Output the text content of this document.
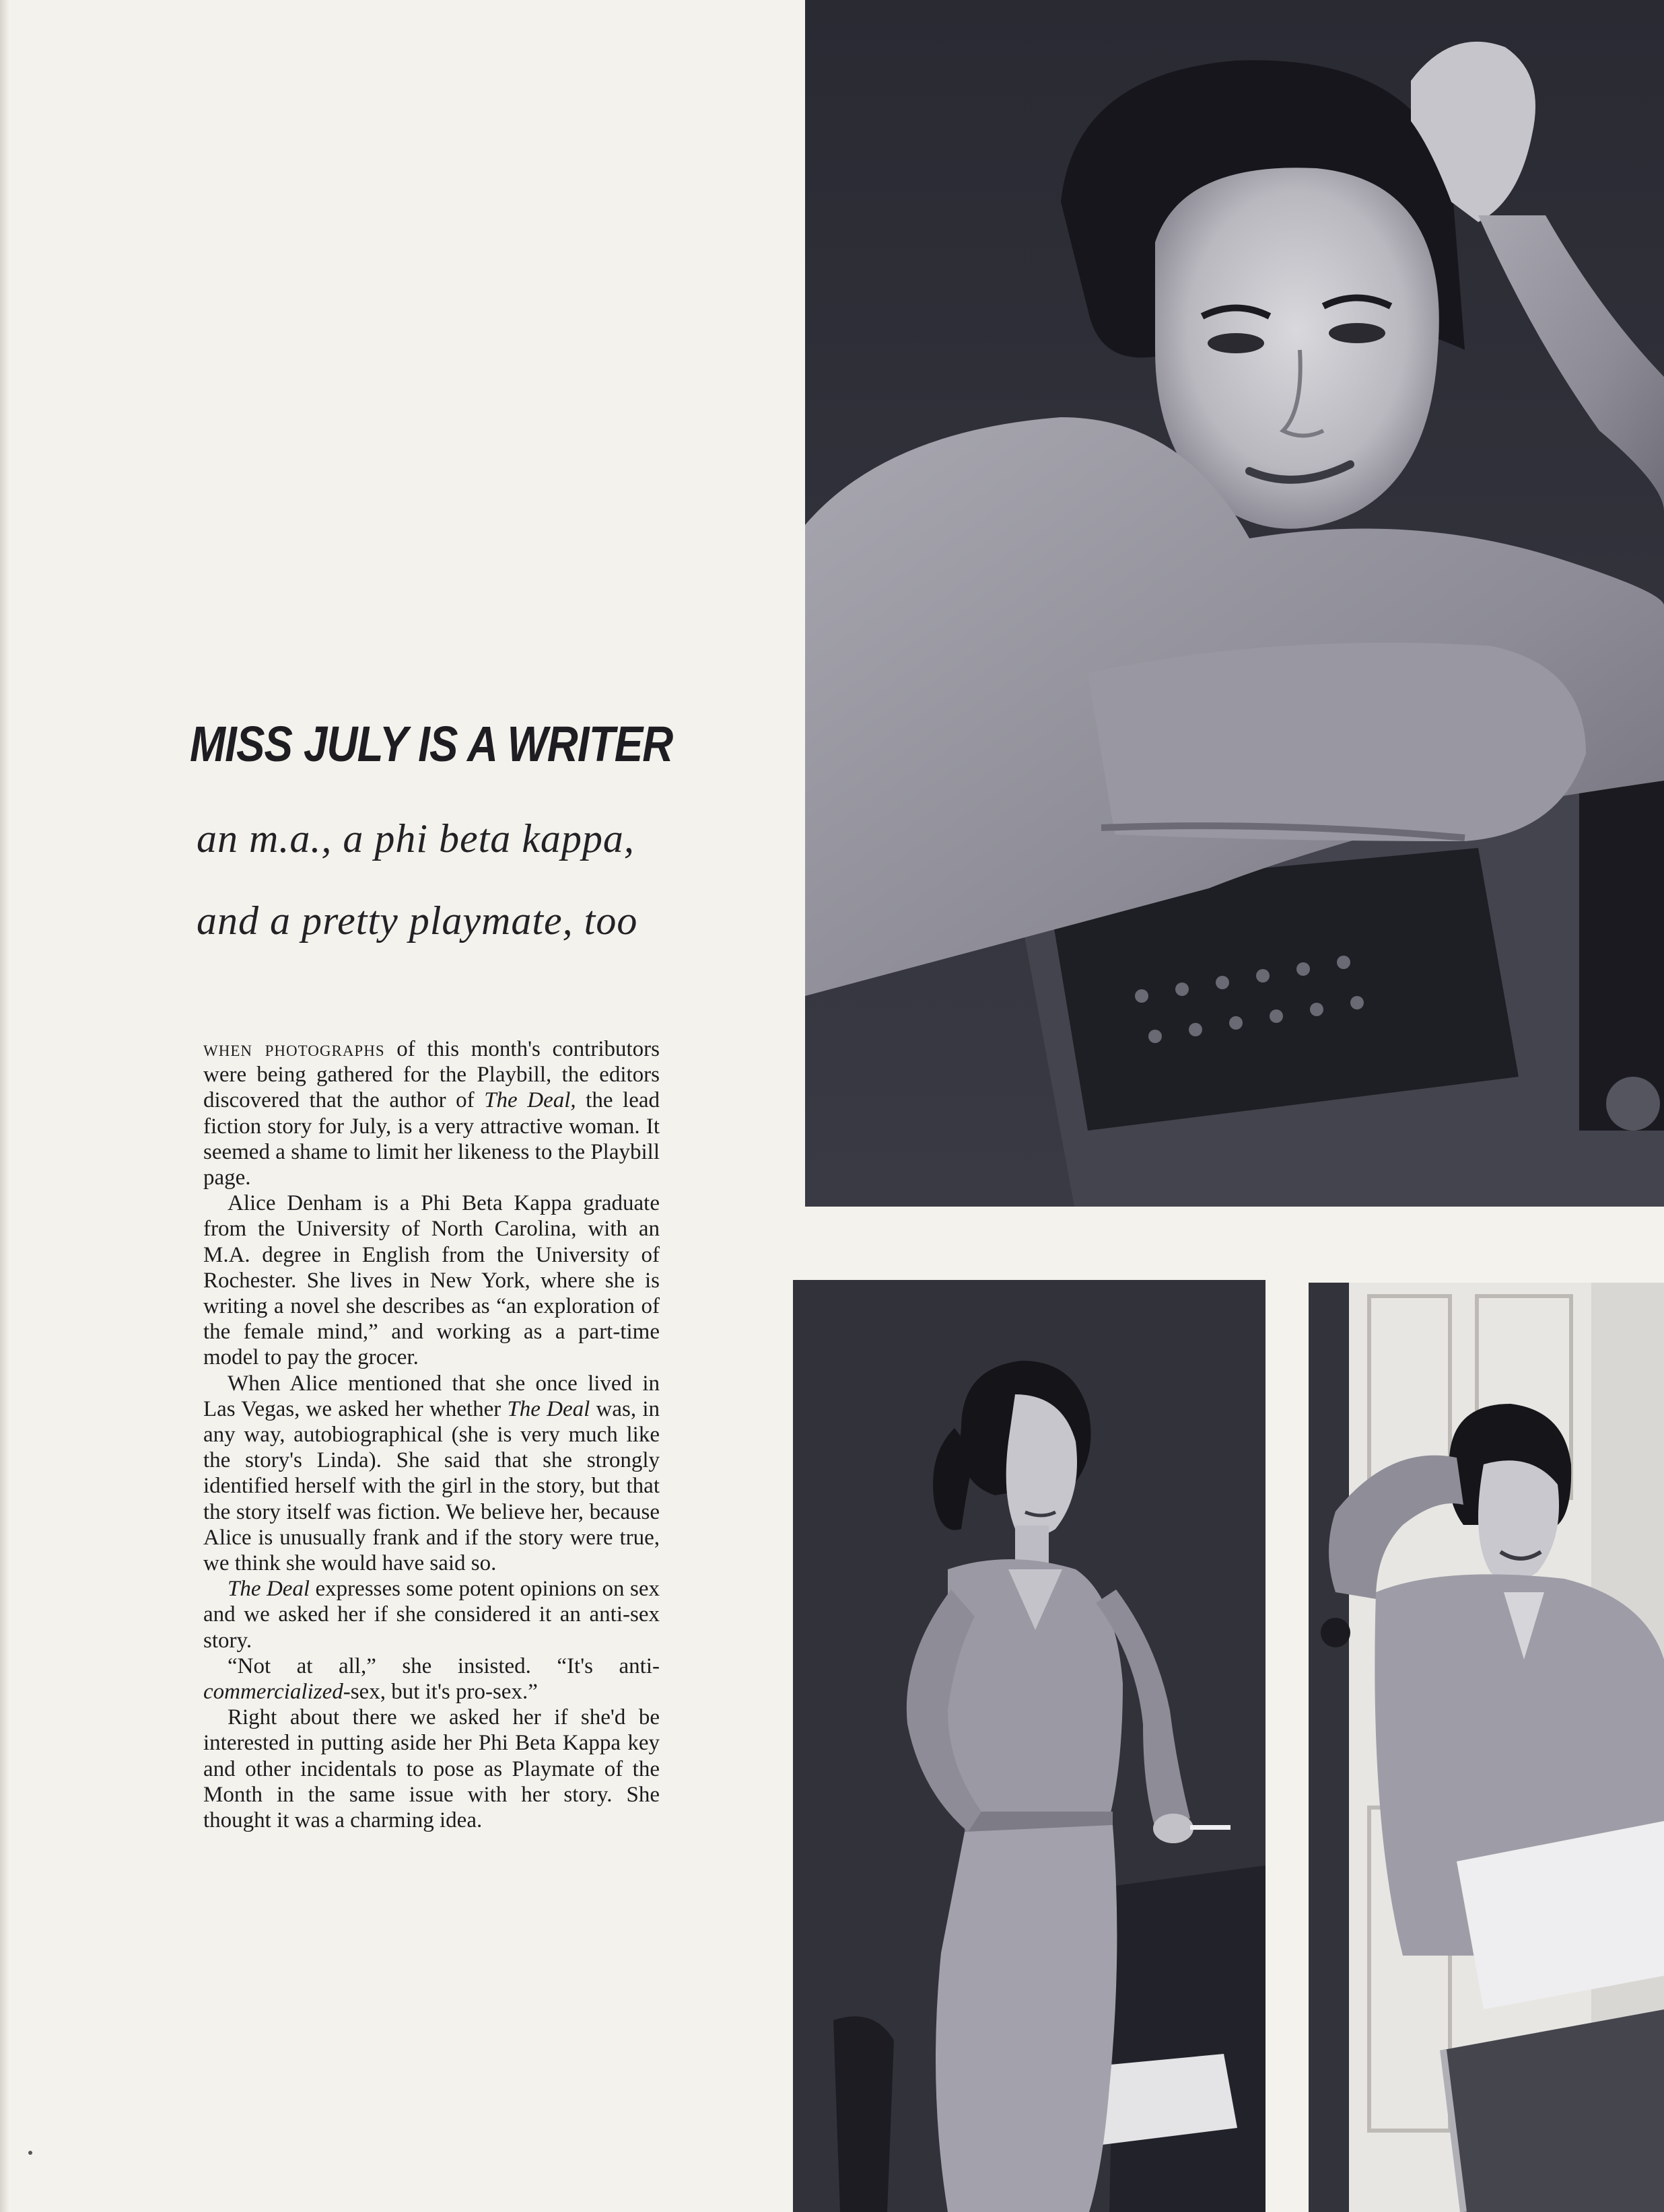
MISS JULY IS A WRITER

an m.a., a phi beta kappa,

and a pretty playmate, too

when photographs of this month's contributors were being gathered for the Playbill, the editors discovered that the author of The Deal, the lead fiction story for July, is a very attractive woman. It seemed a shame to limit her likeness to the Playbill page.

Alice Denham is a Phi Beta Kappa graduate from the University of North Carolina, with an M.A. degree in English from the University of Rochester. She lives in New York, where she is writing a novel she describes as “an exploration of the female mind,” and working as a part-time model to pay the grocer.

When Alice mentioned that she once lived in Las Vegas, we asked her whether The Deal was, in any way, autobiographical (she is very much like the story's Linda). She said that she strongly identified herself with the girl in the story, but that the story itself was fiction. We believe her, because Alice is unusually frank and if the story were true, we think she would have said so.

The Deal expresses some potent opinions on sex and we asked her if she considered it an anti-sex story.

“Not at all,” she insisted. “It's anti-commercialized-sex, but it's pro-sex.”

Right about there we asked her if she'd be interested in putting aside her Phi Beta Kappa key and other incidentals to pose as Playmate of the Month in the same issue with her story. She thought it was a charming idea.
